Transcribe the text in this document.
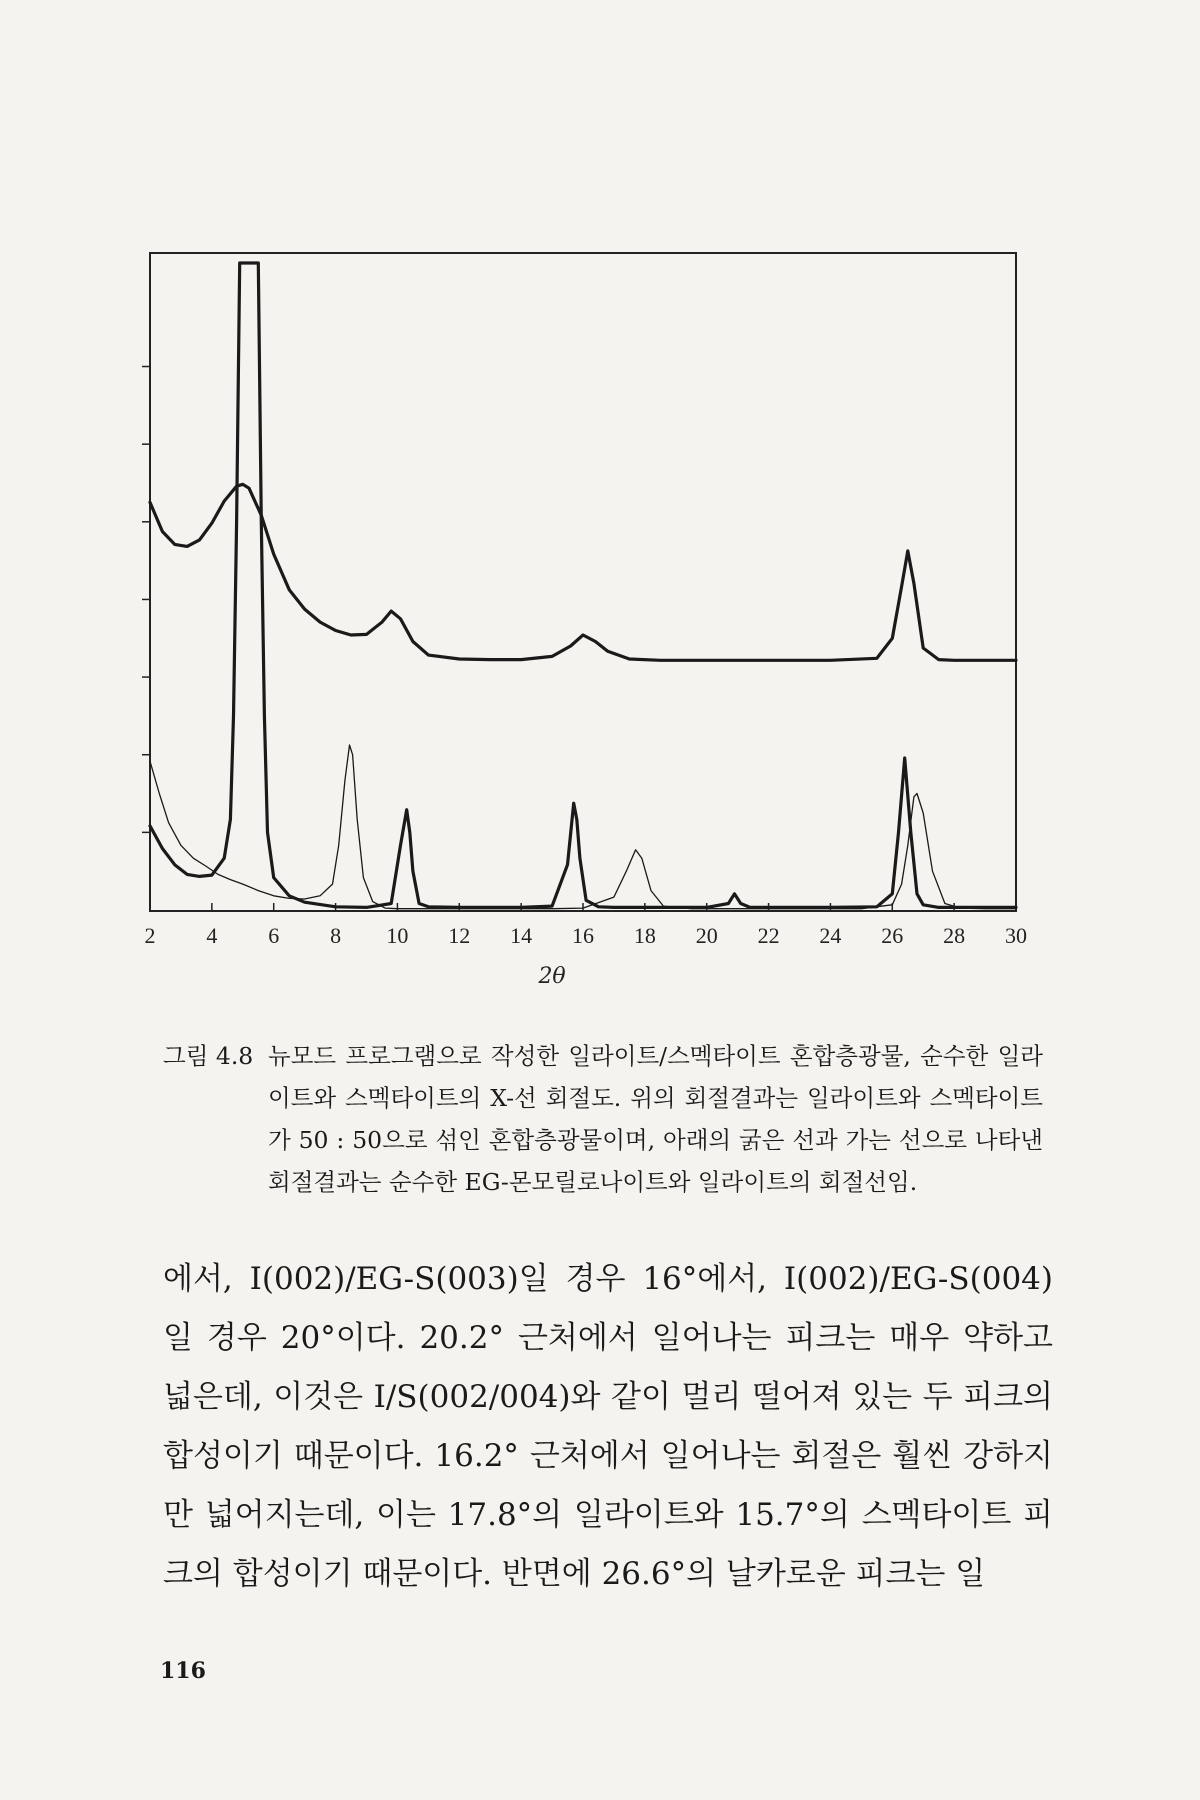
2 4 6 8 10 12 14 16 18 20 22 24 26 28 30
2θ
그림 4.8 뉴모드 프로그램으로 작성한 일라이트/스멕타이트 혼합층광물, 순수한 일라이트와 스멕타이트의 X-선 회절도. 위의 회절결과는 일라이트와 스멕타이트가 50 : 50으로 섞인 혼합층광물이며, 아래의 굵은 선과 가는 선으로 나타낸 회절결과는 순수한 EG-몬모릴로나이트와 일라이트의 회절선임.
에서, I(002)/EG-S(003)일 경우 16°에서, I(002)/EG-S(004)일 경우 20°이다. 20.2° 근처에서 일어나는 피크는 매우 약하고 넓은데, 이것은 I/S(002/004)와 같이 멀리 떨어져 있는 두 피크의 합성이기 때문이다. 16.2° 근처에서 일어나는 회절은 훨씬 강하지만 넓어지는데, 이는 17.8°의 일라이트와 15.7°의 스멕타이트 피크의 합성이기 때문이다. 반면에 26.6°의 날카로운 피크는 일
116
